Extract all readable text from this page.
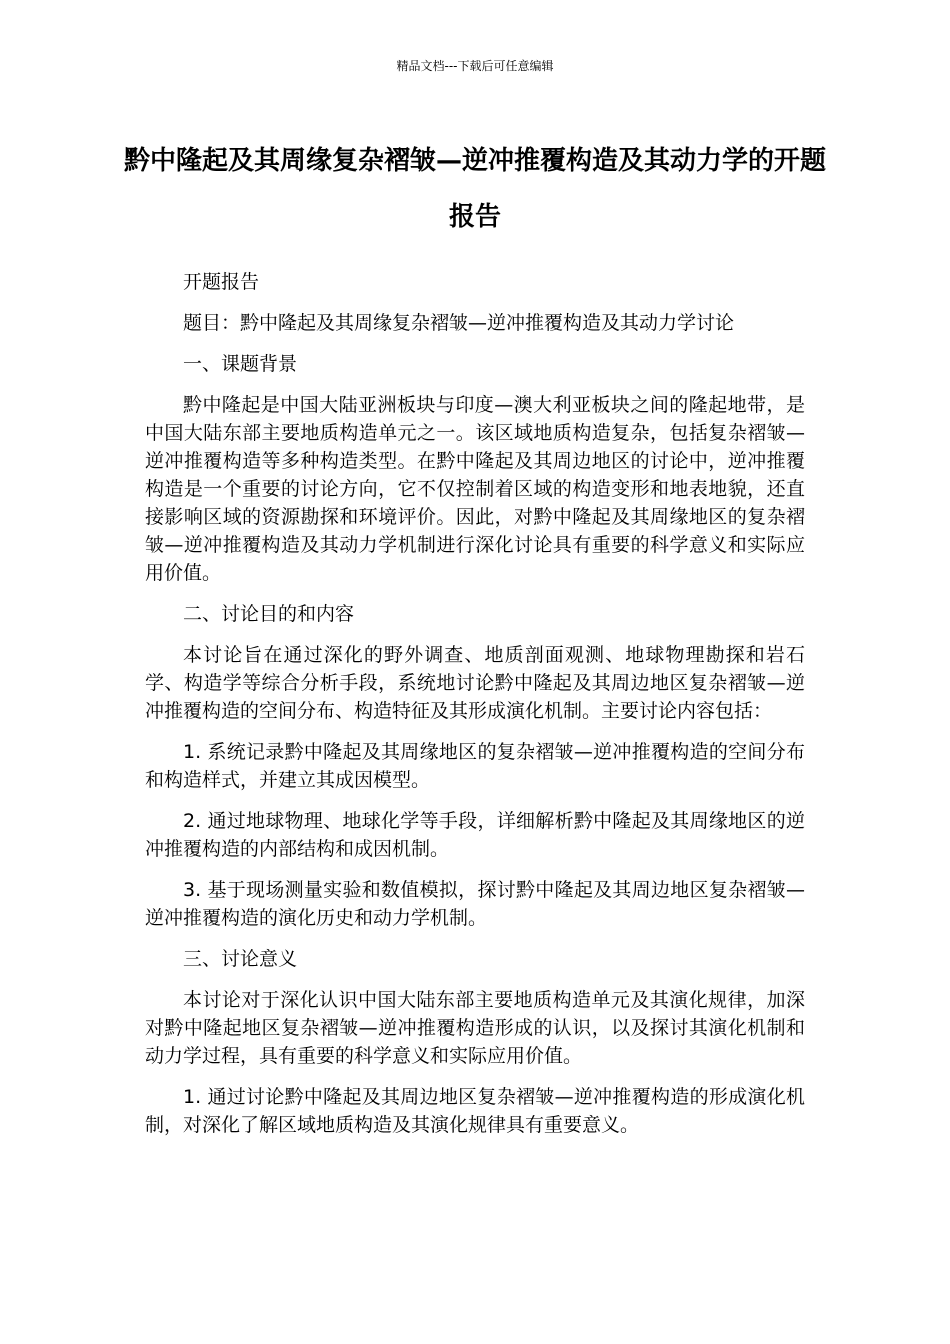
精品文档---下载后可任意编辑
黔中隆起及其周缘复杂褶皱—逆冲推覆构造及其动力学的开题报告

开题报告

题目：黔中隆起及其周缘复杂褶皱—逆冲推覆构造及其动力学讨论

一、课题背景

黔中隆起是中国大陆亚洲板块与印度—澳大利亚板块之间的隆起地带，是中国大陆东部主要地质构造单元之一。该区域地质构造复杂，包括复杂褶皱—逆冲推覆构造等多种构造类型。在黔中隆起及其周边地区的讨论中，逆冲推覆构造是一个重要的讨论方向，它不仅控制着区域的构造变形和地表地貌，还直接影响区域的资源勘探和环境评价。因此，对黔中隆起及其周缘地区的复杂褶皱—逆冲推覆构造及其动力学机制进行深化讨论具有重要的科学意义和实际应用价值。

二、讨论目的和内容

本讨论旨在通过深化的野外调查、地质剖面观测、地球物理勘探和岩石学、构造学等综合分析手段，系统地讨论黔中隆起及其周边地区复杂褶皱—逆冲推覆构造的空间分布、构造特征及其形成演化机制。主要讨论内容包括：

1. 系统记录黔中隆起及其周缘地区的复杂褶皱—逆冲推覆构造的空间分布和构造样式，并建立其成因模型。

2. 通过地球物理、地球化学等手段，详细解析黔中隆起及其周缘地区的逆冲推覆构造的内部结构和成因机制。

3. 基于现场测量实验和数值模拟，探讨黔中隆起及其周边地区复杂褶皱—逆冲推覆构造的演化历史和动力学机制。

三、讨论意义

本讨论对于深化认识中国大陆东部主要地质构造单元及其演化规律，加深对黔中隆起地区复杂褶皱—逆冲推覆构造形成的认识，以及探讨其演化机制和动力学过程，具有重要的科学意义和实际应用价值。

1. 通过讨论黔中隆起及其周边地区复杂褶皱—逆冲推覆构造的形成演化机制，对深化了解区域地质构造及其演化规律具有重要意义。
